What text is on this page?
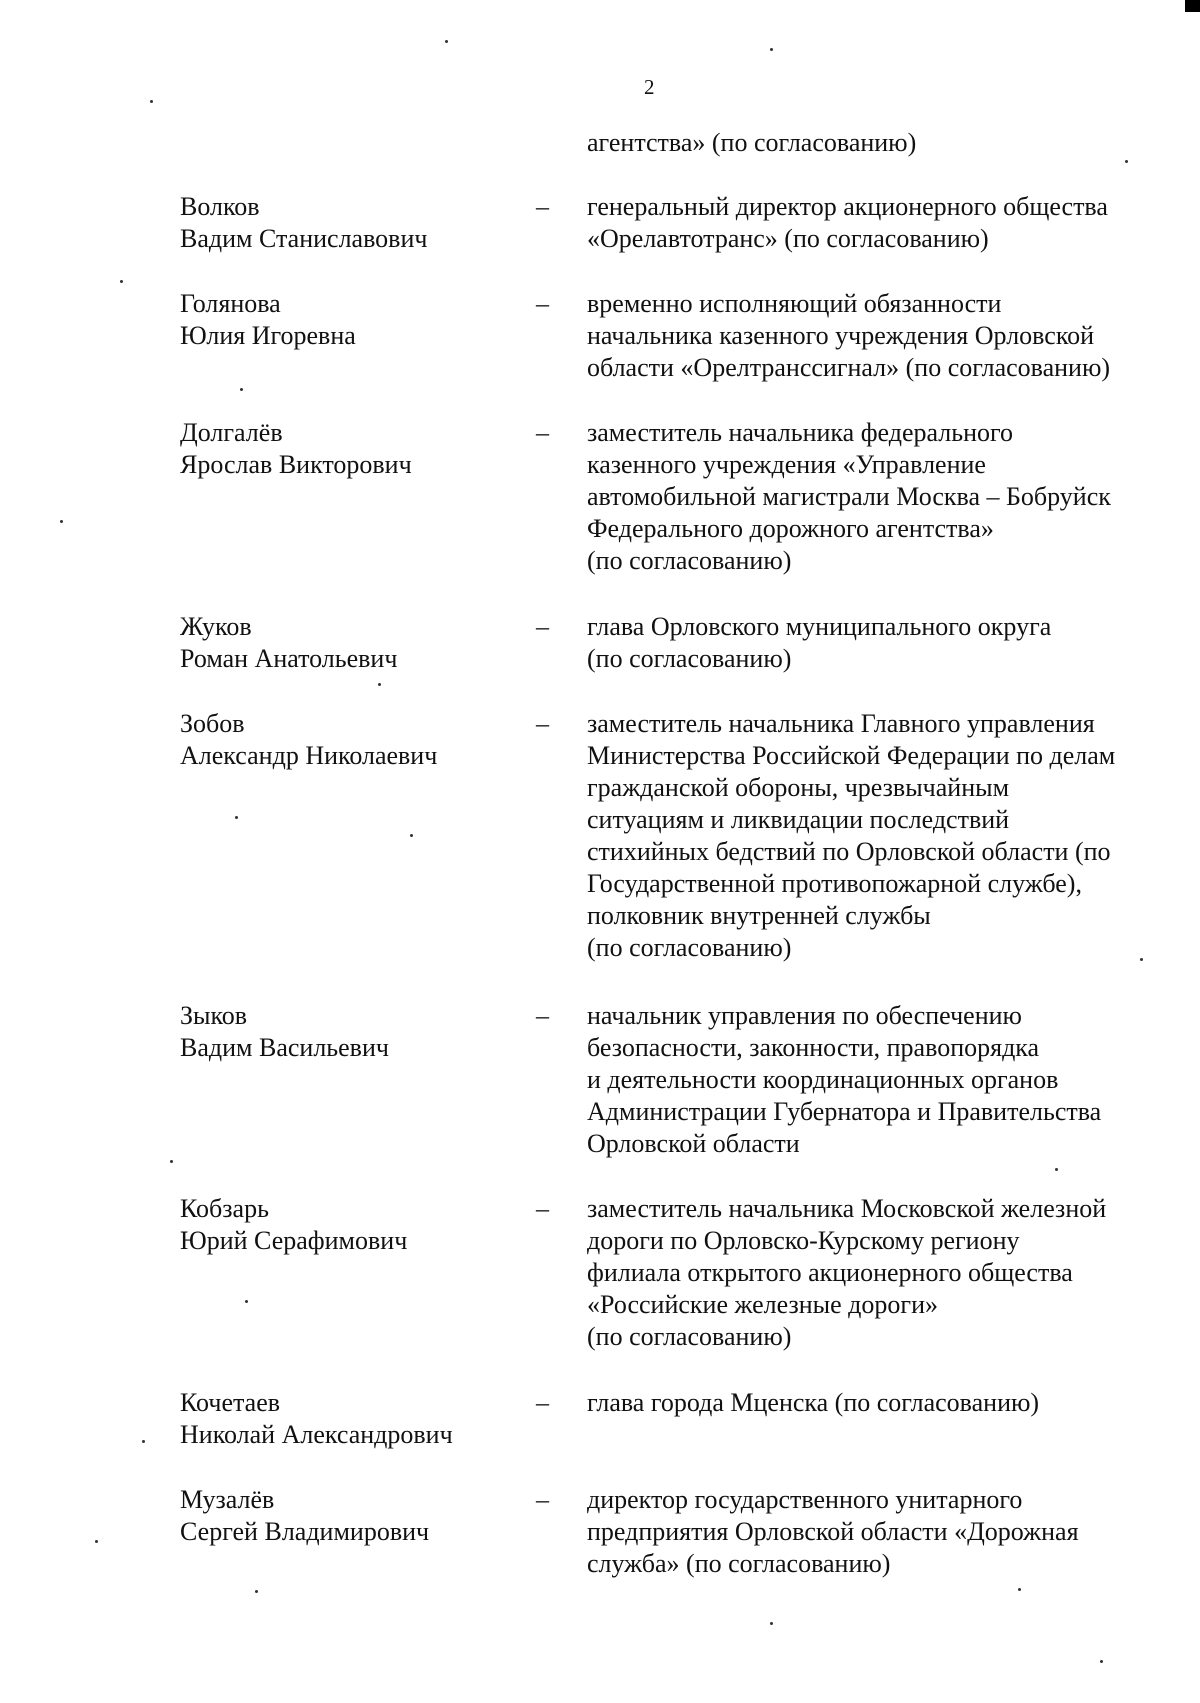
2
агентства» (по согласованию)
Волков
Вадим Станиславович
– генеральный директор акционерного общества
«Орелавтотранс» (по согласованию)
Голянова
Юлия Игоревна
– временно исполняющий обязанности
начальника казенного учреждения Орловской
области «Орелтранссигнал» (по согласованию)
Долгалёв
Ярослав Викторович
– заместитель начальника федерального
казенного учреждения «Управление
автомобильной магистрали Москва – Бобруйск
Федерального дорожного агентства»
(по согласованию)
Жуков
Роман Анатольевич
– глава Орловского муниципального округа
(по согласованию)
Зобов
Александр Николаевич
– заместитель начальника Главного управления
Министерства Российской Федерации по делам
гражданской обороны, чрезвычайным
ситуациям и ликвидации последствий
стихийных бедствий по Орловской области (по
Государственной противопожарной службе),
полковник внутренней службы
(по согласованию)
Зыков
Вадим Васильевич
– начальник управления по обеспечению
безопасности, законности, правопорядка
и деятельности координационных органов
Администрации Губернатора и Правительства
Орловской области
Кобзарь
Юрий Серафимович
– заместитель начальника Московской железной
дороги по Орловско-Курскому региону
филиала открытого акционерного общества
«Российские железные дороги»
(по согласованию)
Кочетаев
Николай Александрович
– глава города Мценска (по согласованию)
Музалёв
Сергей Владимирович
– директор государственного унитарного
предприятия Орловской области «Дорожная
служба» (по согласованию)
